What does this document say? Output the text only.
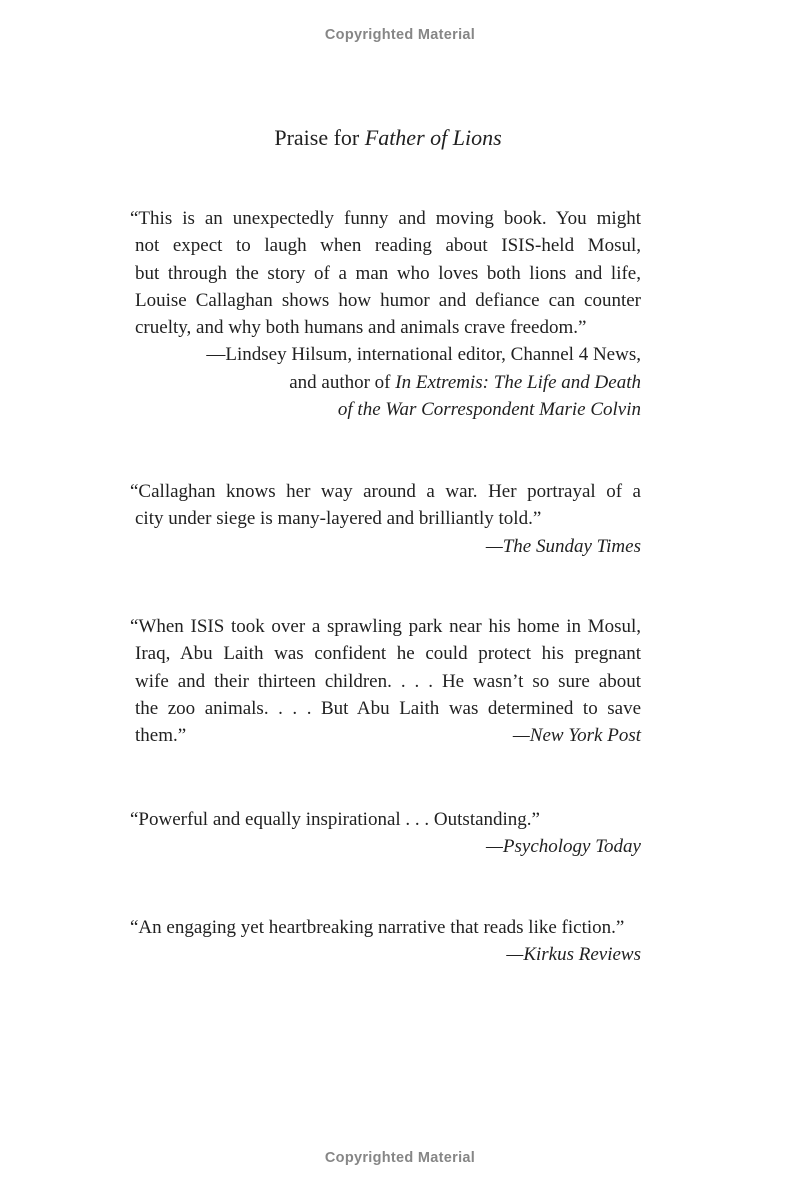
Copyrighted Material
Praise for Father of Lions
“This is an unexpectedly funny and moving book. You might
not expect to laugh when reading about ISIS-held Mosul,
but through the story of a man who loves both lions and life,
Louise Callaghan shows how humor and defiance can counter
cruelty, and why both humans and animals crave freedom.”
—Lindsey Hilsum, international editor, Channel 4 News,
and author of In Extremis: The Life and Death
of the War Correspondent Marie Colvin
“Callaghan knows her way around a war. Her portrayal of a
city under siege is many-layered and brilliantly told.”
—The Sunday Times
“When ISIS took over a sprawling park near his home in Mosul,
Iraq, Abu Laith was confident he could protect his pregnant
wife and their thirteen children. . . . He wasn’t so sure about
the zoo animals. . . . But Abu Laith was determined to save
them.”	—New York Post
“Powerful and equally inspirational . . . Outstanding.”
—Psychology Today
“An engaging yet heartbreaking narrative that reads like fiction.”
—Kirkus Reviews
Copyrighted Material
